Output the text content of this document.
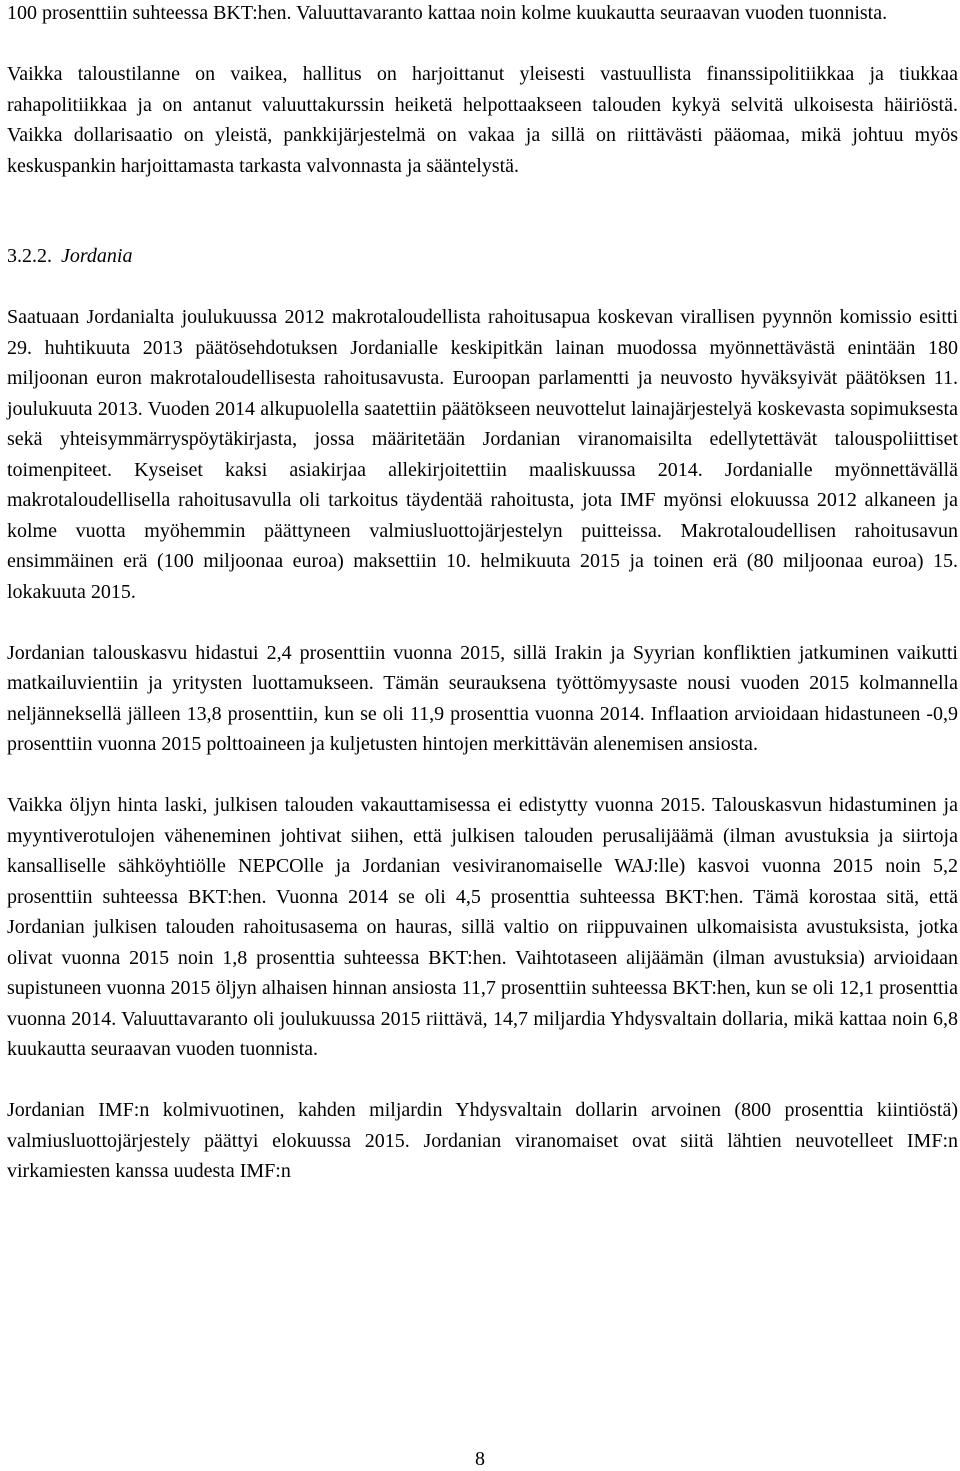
100 prosenttiin suhteessa BKT:hen. Valuuttavaranto kattaa noin kolme kuukautta seuraavan vuoden tuonnista.

Vaikka taloustilanne on vaikea, hallitus on harjoittanut yleisesti vastuullista finanssipolitiikkaa ja tiukkaa rahapolitiikkaa ja on antanut valuuttakurssin heiketä helpottaakseen talouden kykyä selvitä ulkoisesta häiriöstä. Vaikka dollarisaatio on yleistä, pankkijärjestelmä on vakaa ja sillä on riittävästi pääomaa, mikä johtuu myös keskuspankin harjoittamasta tarkasta valvonnasta ja sääntelystä.

3.2.2. Jordania

Saatuaan Jordanialta joulukuussa 2012 makrotaloudellista rahoitusapua koskevan virallisen pyynnön komissio esitti 29. huhtikuuta 2013 päätösehdotuksen Jordanialle keskipitkän lainan muodossa myönnettävästä enintään 180 miljoonan euron makrotaloudellisesta rahoitusavusta. Euroopan parlamentti ja neuvosto hyväksyivät päätöksen 11. joulukuuta 2013. Vuoden 2014 alkupuolella saatettiin päätökseen neuvottelut lainajärjestelyä koskevasta sopimuksesta sekä yhteisymmärryspöytäkirjasta, jossa määritetään Jordanian viranomaisilta edellytettävät talouspoliittiset toimenpiteet. Kyseiset kaksi asiakirjaa allekirjoitettiin maaliskuussa 2014. Jordanialle myönnettävällä makrotaloudellisella rahoitusavulla oli tarkoitus täydentää rahoitusta, jota IMF myönsi elokuussa 2012 alkaneen ja kolme vuotta myöhemmin päättyneen valmiusluottojärjestelyn puitteissa. Makrotaloudellisen rahoitusavun ensimmäinen erä (100 miljoonaa euroa) maksettiin 10. helmikuuta 2015 ja toinen erä (80 miljoonaa euroa) 15. lokakuuta 2015.

Jordanian talouskasvu hidastui 2,4 prosenttiin vuonna 2015, sillä Irakin ja Syyrian konfliktien jatkuminen vaikutti matkailuvientiin ja yritysten luottamukseen. Tämän seurauksena työttömyysaste nousi vuoden 2015 kolmannella neljänneksellä jälleen 13,8 prosenttiin, kun se oli 11,9 prosenttia vuonna 2014. Inflaation arvioidaan hidastuneen -0,9 prosenttiin vuonna 2015 polttoaineen ja kuljetusten hintojen merkittävän alenemisen ansiosta.

Vaikka öljyn hinta laski, julkisen talouden vakauttamisessa ei edistytty vuonna 2015. Talouskasvun hidastuminen ja myyntiverotulojen väheneminen johtivat siihen, että julkisen talouden perusalijäämä (ilman avustuksia ja siirtoja kansalliselle sähköyhtiölle NEPCOlle ja Jordanian vesiviranomaiselle WAJ:lle) kasvoi vuonna 2015 noin 5,2 prosenttiin suhteessa BKT:hen. Vuonna 2014 se oli 4,5 prosenttia suhteessa BKT:hen. Tämä korostaa sitä, että Jordanian julkisen talouden rahoitusasema on hauras, sillä valtio on riippuvainen ulkomaisista avustuksista, jotka olivat vuonna 2015 noin 1,8 prosenttia suhteessa BKT:hen. Vaihtotaseen alijäämän (ilman avustuksia) arvioidaan supistuneen vuonna 2015 öljyn alhaisen hinnan ansiosta 11,7 prosenttiin suhteessa BKT:hen, kun se oli 12,1 prosenttia vuonna 2014. Valuuttavaranto oli joulukuussa 2015 riittävä, 14,7 miljardia Yhdysvaltain dollaria, mikä kattaa noin 6,8 kuukautta seuraavan vuoden tuonnista.

Jordanian IMF:n kolmivuotinen, kahden miljardin Yhdysvaltain dollarin arvoinen (800 prosenttia kiintiöstä) valmiusluottojärjestely päättyi elokuussa 2015. Jordanian viranomaiset ovat siitä lähtien neuvotelleet IMF:n virkamiesten kanssa uudesta IMF:n

8
